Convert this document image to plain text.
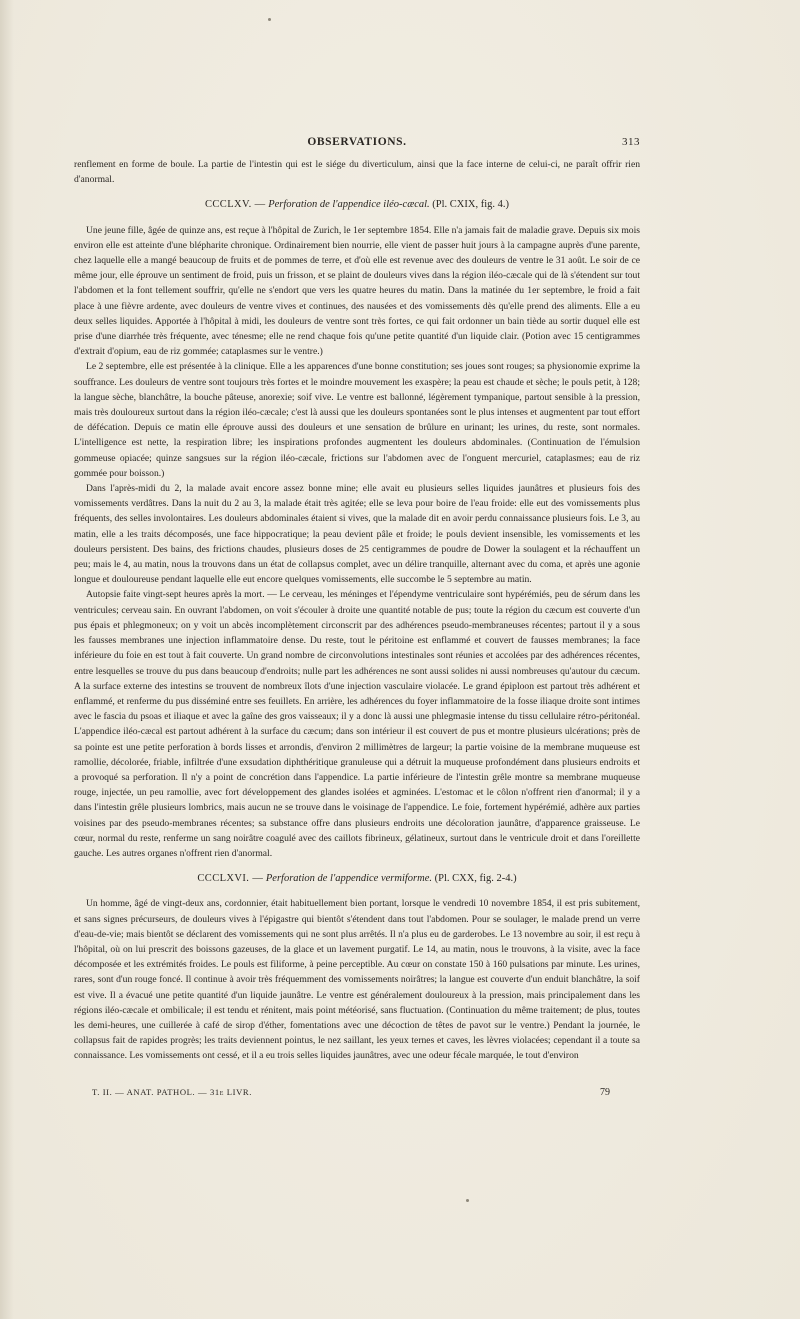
OBSERVATIONS.	313

renflement en forme de boule. La partie de l'intestin qui est le siége du diverticulum, ainsi que la face interne de celui-ci, ne paraît offrir rien d'anormal.

CCCLXV. — Perforation de l'appendice iléo-cæcal. (Pl. CXIX, fig. 4.)

Une jeune fille, âgée de quinze ans, est reçue à l'hôpital de Zurich, le 1er septembre 1854. Elle n'a jamais fait de maladie grave. Depuis six mois environ elle est atteinte d'une blépharite chronique. Ordinairement bien nourrie, elle vient de passer huit jours à la campagne auprès d'une parente, chez laquelle elle a mangé beaucoup de fruits et de pommes de terre, et d'où elle est revenue avec des douleurs de ventre le 31 août. Le soir de ce même jour, elle éprouve un sentiment de froid, puis un frisson, et se plaint de douleurs vives dans la région iléo-cæcale qui de là s'étendent sur tout l'abdomen et la font tellement souffrir, qu'elle ne s'endort que vers les quatre heures du matin. Dans la matinée du 1er septembre, le froid a fait place à une fièvre ardente, avec douleurs de ventre vives et continues, des nausées et des vomissements dès qu'elle prend des aliments. Elle a eu deux selles liquides. Apportée à l'hôpital à midi, les douleurs de ventre sont très fortes, ce qui fait ordonner un bain tiède au sortir duquel elle est prise d'une diarrhée très fréquente, avec ténesme; elle ne rend chaque fois qu'une petite quantité d'un liquide clair. (Potion avec 15 centigrammes d'extrait d'opium, eau de riz gommée; cataplasmes sur le ventre.)

Le 2 septembre, elle est présentée à la clinique. Elle a les apparences d'une bonne constitution; ses joues sont rouges; sa physionomie exprime la souffrance. Les douleurs de ventre sont toujours très fortes et le moindre mouvement les exaspère; la peau est chaude et sèche; le pouls petit, à 128; la langue sèche, blanchâtre, la bouche pâteuse, anorexie; soif vive. Le ventre est ballonné, légèrement tympanique, partout sensible à la pression, mais très douloureux surtout dans la région iléo-cæcale; c'est là aussi que les douleurs spontanées sont le plus intenses et augmentent par tout effort de défécation. Depuis ce matin elle éprouve aussi des douleurs et une sensation de brûlure en urinant; les urines, du reste, sont normales. L'intelligence est nette, la respiration libre; les inspirations profondes augmentent les douleurs abdominales. (Continuation de l'émulsion gommeuse opiacée; quinze sangsues sur la région iléo-cæcale, frictions sur l'abdomen avec de l'onguent mercuriel, cataplasmes; eau de riz gommée pour boisson.)

Dans l'après-midi du 2, la malade avait encore assez bonne mine; elle avait eu plusieurs selles liquides jaunâtres et plusieurs fois des vomissements verdâtres. Dans la nuit du 2 au 3, la malade était très agitée; elle se leva pour boire de l'eau froide: elle eut des vomissements plus fréquents, des selles involontaires. Les douleurs abdominales étaient si vives, que la malade dit en avoir perdu connaissance plusieurs fois. Le 3, au matin, elle a les traits décomposés, une face hippocratique; la peau devient pâle et froide; le pouls devient insensible, les vomissements et les douleurs persistent. Des bains, des frictions chaudes, plusieurs doses de 25 centigrammes de poudre de Dower la soulagent et la réchauffent un peu; mais le 4, au matin, nous la trouvons dans un état de collapsus complet, avec un délire tranquille, alternant avec du coma, et après une agonie longue et douloureuse pendant laquelle elle eut encore quelques vomissements, elle succombe le 5 septembre au matin.

Autopsie faite vingt-sept heures après la mort. — Le cerveau, les méninges et l'épendyme ventriculaire sont hypérémiés, peu de sérum dans les ventricules; cerveau sain. En ouvrant l'abdomen, on voit s'écouler à droite une quantité notable de pus; toute la région du cæcum est couverte d'un pus épais et phlegmoneux; on y voit un abcès incomplètement circonscrit par des adhérences pseudo-membraneuses récentes; partout il y a sous les fausses membranes une injection inflammatoire dense. Du reste, tout le péritoine est enflammé et couvert de fausses membranes; la face inférieure du foie en est tout à fait couverte. Un grand nombre de circonvolutions intestinales sont réunies et accolées par des adhérences récentes, entre lesquelles se trouve du pus dans beaucoup d'endroits; nulle part les adhérences ne sont aussi solides ni aussi nombreuses qu'autour du cæcum. A la surface externe des intestins se trouvent de nombreux îlots d'une injection vasculaire violacée. Le grand épiploon est partout très adhérent et enflammé, et renferme du pus disséminé entre ses feuillets. En arrière, les adhérences du foyer inflammatoire de la fosse iliaque droite sont intimes avec le fascia du psoas et iliaque et avec la gaîne des gros vaisseaux; il y a donc là aussi une phlegmasie intense du tissu cellulaire rétro-péritonéal. L'appendice iléo-cæcal est partout adhérent à la surface du cæcum; dans son intérieur il est couvert de pus et montre plusieurs ulcérations; près de sa pointe est une petite perforation à bords lisses et arrondis, d'environ 2 millimètres de largeur; la partie voisine de la membrane muqueuse est ramollie, décolorée, friable, infiltrée d'une exsudation diphthéritique granuleuse qui a détruit la muqueuse profondément dans plusieurs endroits et a provoqué sa perforation. Il n'y a point de concrétion dans l'appendice. La partie inférieure de l'intestin grêle montre sa membrane muqueuse rouge, injectée, un peu ramollie, avec fort développement des glandes isolées et agminées. L'estomac et le côlon n'offrent rien d'anormal; il y a dans l'intestin grêle plusieurs lombrics, mais aucun ne se trouve dans le voisinage de l'appendice. Le foie, fortement hypérémié, adhère aux parties voisines par des pseudo-membranes récentes; sa substance offre dans plusieurs endroits une décoloration jaunâtre, d'apparence graisseuse. Le cœur, normal du reste, renferme un sang noirâtre coagulé avec des caillots fibrineux, gélatineux, surtout dans le ventricule droit et dans l'oreillette gauche. Les autres organes n'offrent rien d'anormal.

CCCLXVI. — Perforation de l'appendice vermiforme. (Pl. CXX, fig. 2-4.)

Un homme, âgé de vingt-deux ans, cordonnier, était habituellement bien portant, lorsque le vendredi 10 novembre 1854, il est pris subitement, et sans signes précurseurs, de douleurs vives à l'épigastre qui bientôt s'étendent dans tout l'abdomen. Pour se soulager, le malade prend un verre d'eau-de-vie; mais bientôt se déclarent des vomissements qui ne sont plus arrêtés. Il n'a plus eu de garderobes. Le 13 novembre au soir, il est reçu à l'hôpital, où on lui prescrit des boissons gazeuses, de la glace et un lavement purgatif. Le 14, au matin, nous le trouvons, à la visite, avec la face décomposée et les extrémités froides. Le pouls est filiforme, à peine perceptible. Au cœur on constate 150 à 160 pulsations par minute. Les urines, rares, sont d'un rouge foncé. Il continue à avoir très fréquemment des vomissements noirâtres; la langue est couverte d'un enduit blanchâtre, la soif est vive. Il a évacué une petite quantité d'un liquide jaunâtre. Le ventre est généralement douloureux à la pression, mais principalement dans les régions iléo-cæcale et ombilicale; il est tendu et rénitent, mais point météorisé, sans fluctuation. (Continuation du même traitement; de plus, toutes les demi-heures, une cuillerée à café de sirop d'éther, fomentations avec une décoction de têtes de pavot sur le ventre.) Pendant la journée, le collapsus fait de rapides progrès; les traits deviennent pointus, le nez saillant, les yeux ternes et caves, les lèvres violacées; cependant il a toute sa connaissance. Les vomissements ont cessé, et il a eu trois selles liquides jaunâtres, avec une odeur fécale marquée, le tout d'environ

T. II. — ANAT. PATHOL. — 31e LIVR.	79
